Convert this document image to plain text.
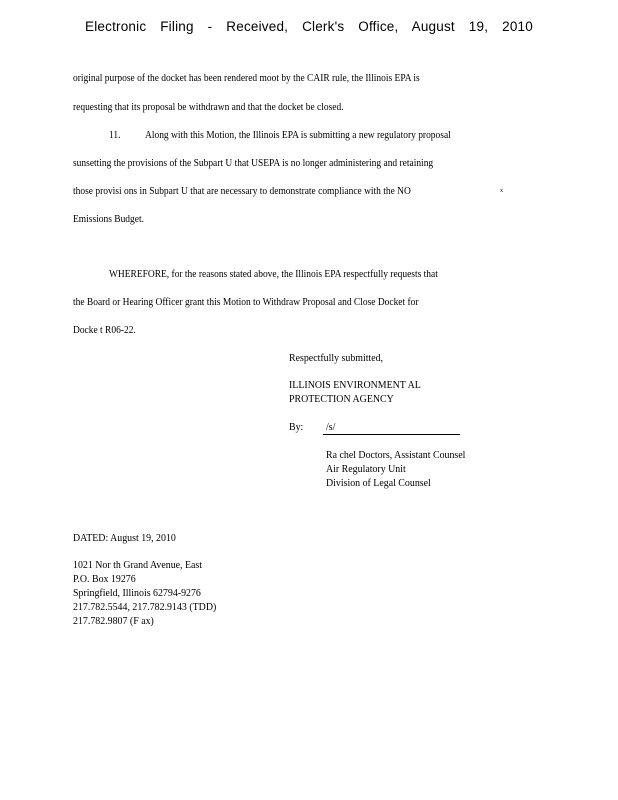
Electronic Filing - Received, Clerk's Office, August 19, 2010
original purpose of the docket has been rendered moot by the CAIR rule, the Illinois EPA is
requesting that its proposal be withdrawn and that the docket be closed.
11. Along with this Motion, the Illinois EPA is submitting a new regulatory proposal
sunsetting the provisions of the Subpart U that USEPA is no longer administering and retaining
those provisi ons in Subpart U that are necessary to demonstrate compliance with the NO	x
Emissions Budget.
WHEREFORE, for the reasons stated above, the Illinois EPA respectfully requests that
the Board or Hearing Officer grant this Motion to Withdraw Proposal and Close Docket for
Docke t R06-22.
Respectfully submitted,
ILLINOIS ENVIRONMENT AL
PROTECTION AGENCY
By: /s/
Ra chel Doctors, Assistant Counsel
Air Regulatory Unit
Division of Legal Counsel
DATED: August 19, 2010
1021 Nor th Grand Avenue, East
P.O. Box 19276
Springfield, Illinois 62794-9276
217.782.5544, 217.782.9143 (TDD)
217.782.9807 (F ax)
